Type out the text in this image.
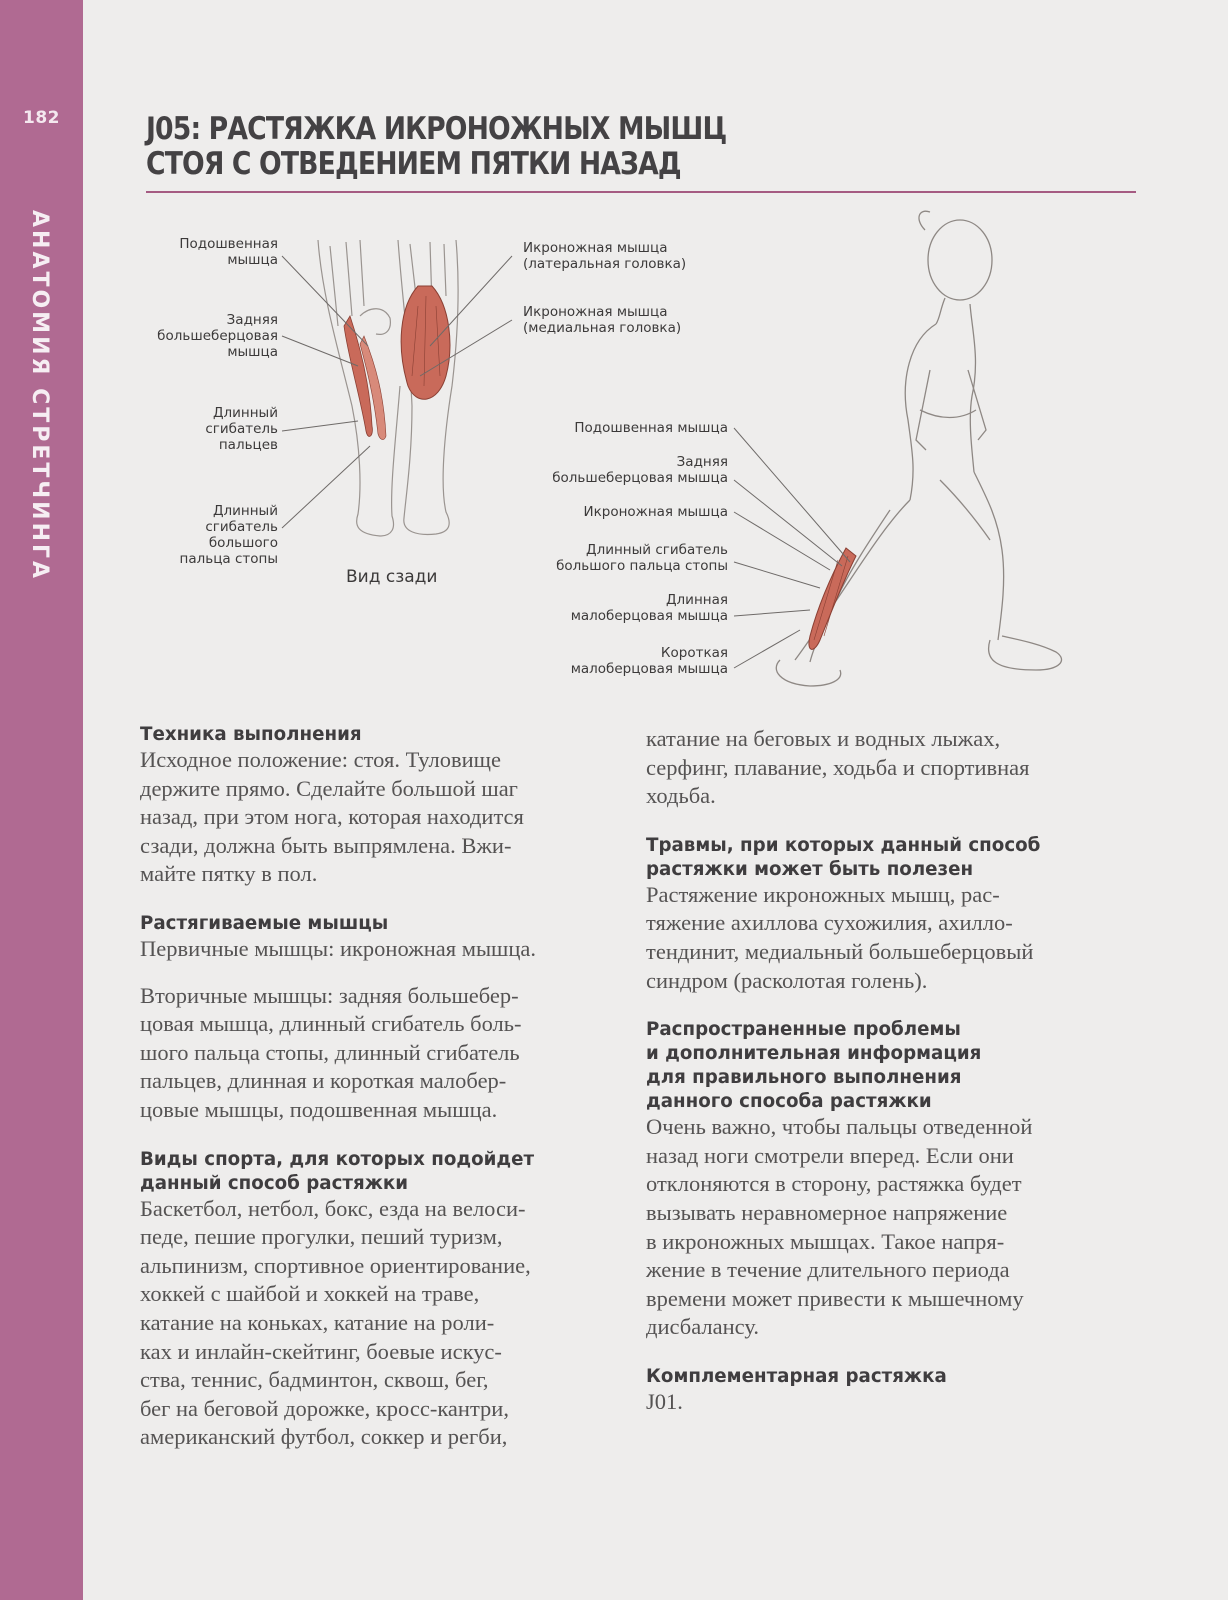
182
АНАТОМИЯ СТРЕТЧИНГА
J05: РАСТЯЖКА ИКРОНОЖНЫХ МЫШЦ
СТОЯ С ОТВЕДЕНИЕМ ПЯТКИ НАЗАД
Подошвенная
мышца
Задняя
большеберцовая
мышца
Длинный
сгибатель
пальцев
Длинный
сгибатель
большого
пальца стопы
Икроножная мышца
(латеральная головка)
Икроножная мышца
(медиальная головка)
Вид сзади
Подошвенная мышца
Задняя
большеберцовая мышца
Икроножная мышца
Длинный сгибатель
большого пальца стопы
Длинная
малоберцовая мышца
Короткая
малоберцовая мышца
Техника выполнения
Исходное положение: стоя. Туловище
держите прямо. Сделайте большой шаг
назад, при этом нога, которая находится
сзади, должна быть выпрямлена. Вжи-
майте пятку в пол.
Растягиваемые мышцы
Первичные мышцы: икроножная мышца.
Вторичные мышцы: задняя большебер-
цовая мышца, длинный сгибатель боль-
шого пальца стопы, длинный сгибатель
пальцев, длинная и короткая малобер-
цовые мышцы, подошвенная мышца.
Виды спорта, для которых подойдет
данный способ растяжки
Баскетбол, нетбол, бокс, езда на велоси-
педе, пешие прогулки, пеший туризм,
альпинизм, спортивное ориентирование,
хоккей с шайбой и хоккей на траве,
катание на коньках, катание на роли-
ках и инлайн-скейтинг, боевые искус-
ства, теннис, бадминтон, сквош, бег,
бег на беговой дорожке, кросс-кантри,
американский футбол, соккер и регби,
катание на беговых и водных лыжах,
серфинг, плавание, ходьба и спортивная
ходьба.
Травмы, при которых данный способ
растяжки может быть полезен
Растяжение икроножных мышц, рас-
тяжение ахиллова сухожилия, ахилло-
тендинит, медиальный большеберцовый
синдром (расколотая голень).
Распространенные проблемы
и дополнительная информация
для правильного выполнения
данного способа растяжки
Очень важно, чтобы пальцы отведенной
назад ноги смотрели вперед. Если они
отклоняются в сторону, растяжка будет
вызывать неравномерное напряжение
в икроножных мышцах. Такое напря-
жение в течение длительного периода
времени может привести к мышечному
дисбалансу.
Комплементарная растяжка
J01.
